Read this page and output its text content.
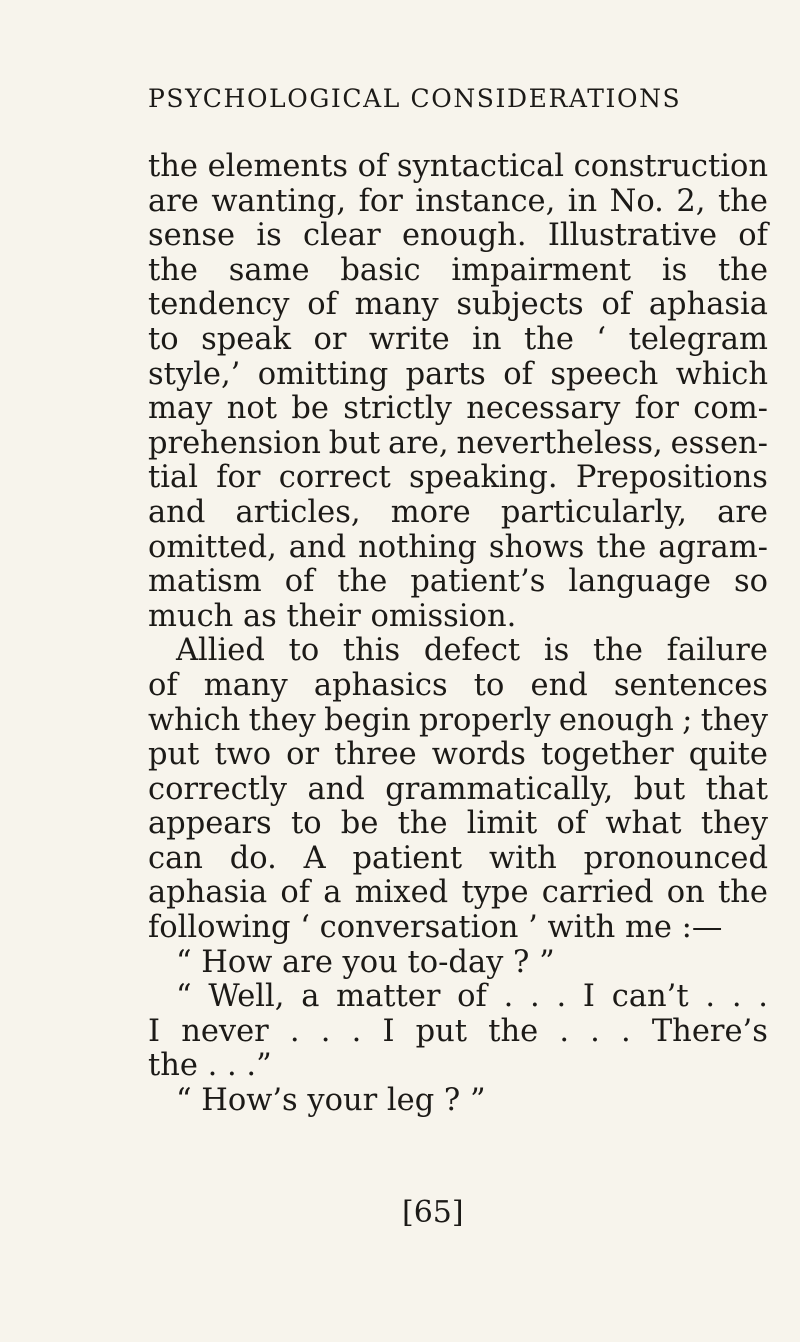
PSYCHOLOGICAL CONSIDERATIONS
the elements of syntactical construction
are wanting, for instance, in No. 2, the
sense is clear enough. Illustrative of
the same basic impairment is the
tendency of many subjects of aphasia
to speak or write in the ‘ telegram
style,’ omitting parts of speech which
may not be strictly necessary for com-
prehension but are, nevertheless, essen-
tial for correct speaking. Prepositions
and articles, more particularly, are
omitted, and nothing shows the agram-
matism of the patient’s language so
much as their omission.
Allied to this defect is the failure
of many aphasics to end sentences
which they begin properly enough ; they
put two or three words together quite
correctly and grammatically, but that
appears to be the limit of what they
can do. A patient with pronounced
aphasia of a mixed type carried on the
following ‘ conversation ’ with me :—
“ How are you to-day ? ”
“ Well, a matter of . . . I can’t . . .
I never . . . I put the . . . There’s
the . . .”
“ How’s your leg ? ”
[65]
